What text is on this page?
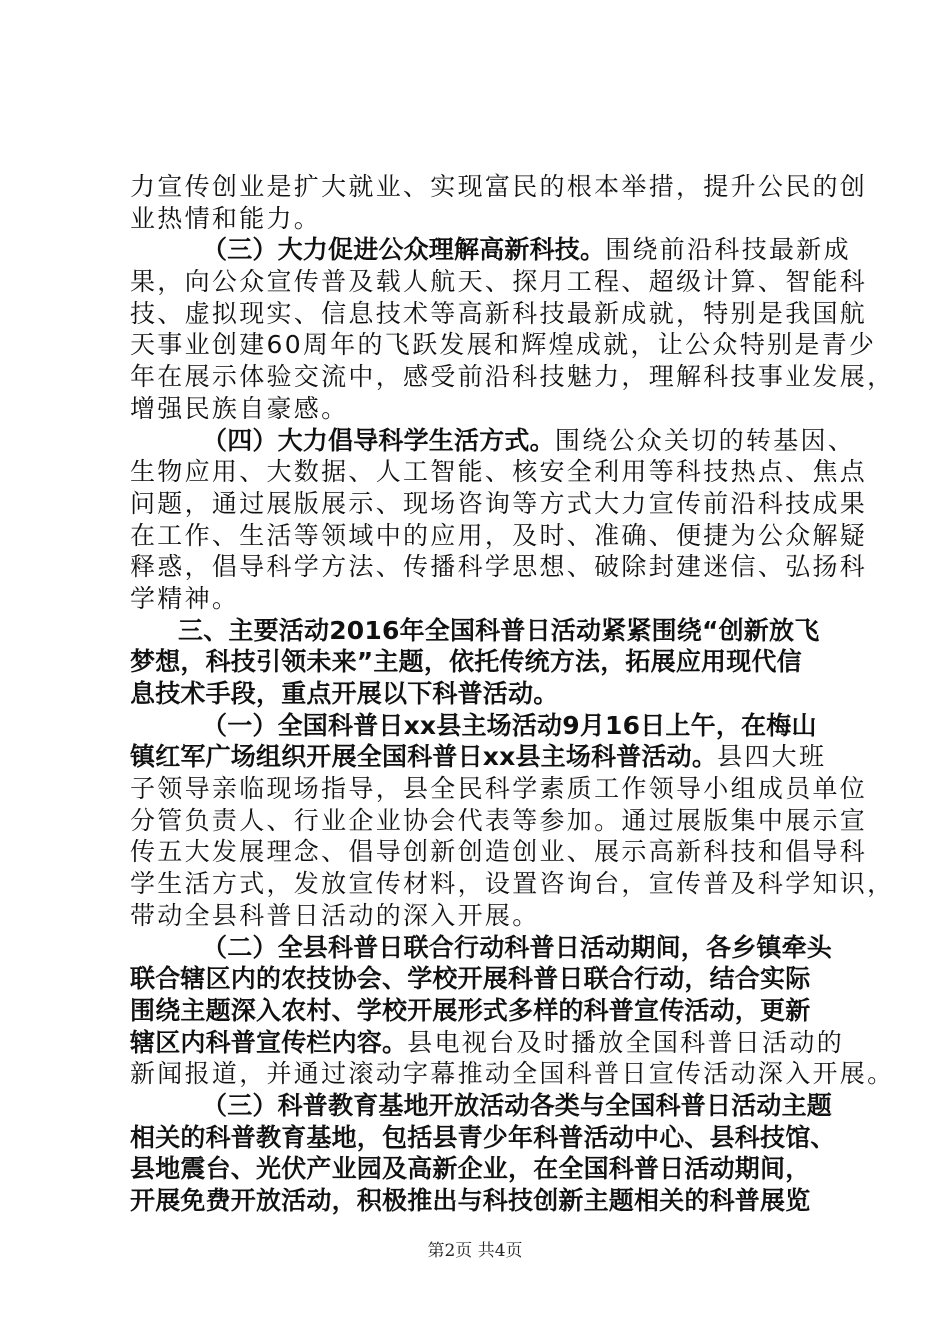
力宣传创业是扩大就业、实现富民的根本举措，提升公民的创
业热情和能力。
（三）大力促进公众理解高新科技。围绕前沿科技最新成
果，向公众宣传普及载人航天、探月工程、超级计算、智能科
技、虚拟现实、信息技术等高新科技最新成就，特别是我国航
天事业创建60周年的飞跃发展和辉煌成就，让公众特别是青少
年在展示体验交流中，感受前沿科技魅力，理解科技事业发展，
增强民族自豪感。
（四）大力倡导科学生活方式。围绕公众关切的转基因、
生物应用、大数据、人工智能、核安全利用等科技热点、焦点
问题，通过展版展示、现场咨询等方式大力宣传前沿科技成果
在工作、生活等领域中的应用，及时、准确、便捷为公众解疑
释惑，倡导科学方法、传播科学思想、破除封建迷信、弘扬科
学精神。
三、主要活动2016年全国科普日活动紧紧围绕“创新放飞
梦想，科技引领未来”主题，依托传统方法，拓展应用现代信
息技术手段，重点开展以下科普活动。
（一）全国科普日xx县主场活动9月16日上午，在梅山
镇红军广场组织开展全国科普日xx县主场科普活动。县四大班
子领导亲临现场指导，县全民科学素质工作领导小组成员单位
分管负责人、行业企业协会代表等参加。通过展版集中展示宣
传五大发展理念、倡导创新创造创业、展示高新科技和倡导科
学生活方式，发放宣传材料，设置咨询台，宣传普及科学知识，
带动全县科普日活动的深入开展。
（二）全县科普日联合行动科普日活动期间，各乡镇牵头
联合辖区内的农技协会、学校开展科普日联合行动，结合实际
围绕主题深入农村、学校开展形式多样的科普宣传活动，更新
辖区内科普宣传栏内容。县电视台及时播放全国科普日活动的
新闻报道，并通过滚动字幕推动全国科普日宣传活动深入开展。
（三）科普教育基地开放活动各类与全国科普日活动主题
相关的科普教育基地，包括县青少年科普活动中心、县科技馆、
县地震台、光伏产业园及高新企业，在全国科普日活动期间，
开展免费开放活动，积极推出与科技创新主题相关的科普展览
第2页 共4页
